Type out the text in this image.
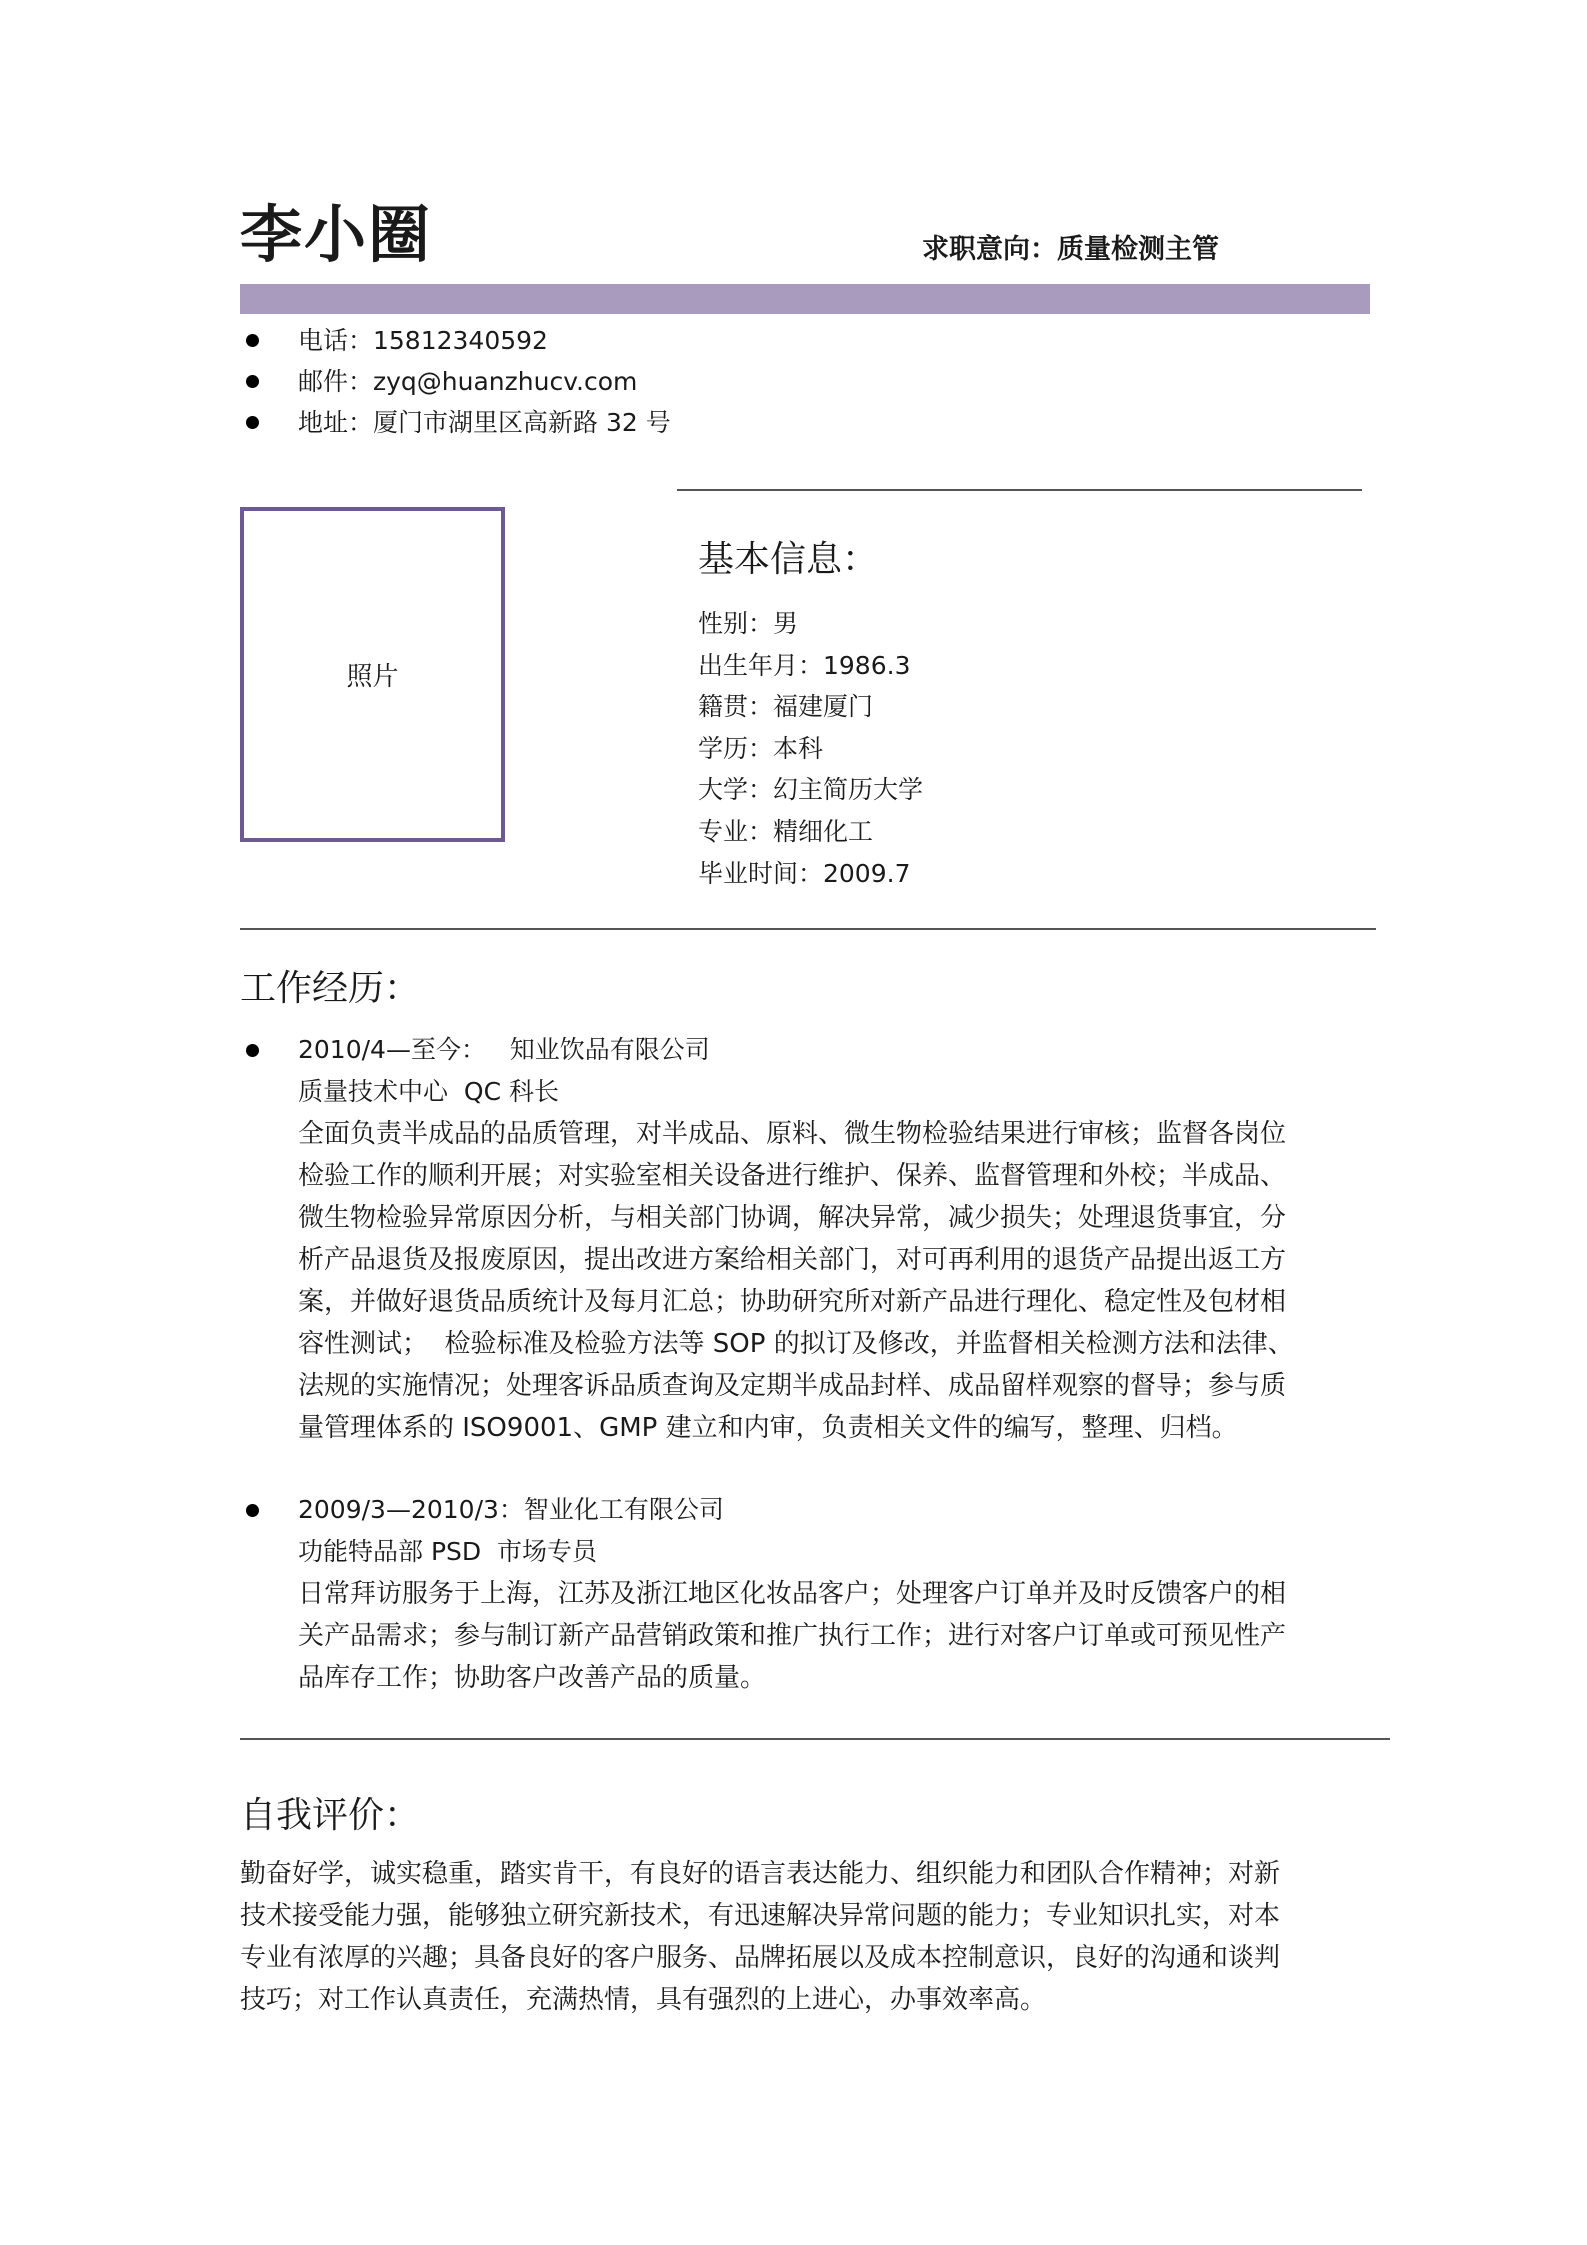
李小圈	求职意向：质量检测主管
电话：15812340592
邮件：zyq@huanzhucv.com
地址：厦门市湖里区高新路 32 号
照片
基本信息：
性别：男
出生年月：1986.3
籍贯：福建厦门
学历：本科
大学：幻主简历大学
专业：精细化工
毕业时间：2009.7
工作经历：
2010/4—至今：   知业饮品有限公司
质量技术中心  QC 科长
全面负责半成品的品质管理，对半成品、原料、微生物检验结果进行审核；监督各岗位
检验工作的顺利开展；对实验室相关设备进行维护、保养、监督管理和外校；半成品、
微生物检验异常原因分析，与相关部门协调，解决异常，减少损失；处理退货事宜，分
析产品退货及报废原因，提出改进方案给相关部门，对可再利用的退货产品提出返工方
案，并做好退货品质统计及每月汇总；协助研究所对新产品进行理化、稳定性及包材相
容性测试；  检验标准及检验方法等 SOP 的拟订及修改，并监督相关检测方法和法律、
法规的实施情况；处理客诉品质查询及定期半成品封样、成品留样观察的督导；参与质
量管理体系的 ISO9001、GMP 建立和内审，负责相关文件的编写，整理、归档。
2009/3—2010/3：智业化工有限公司
功能特品部 PSD  市场专员
日常拜访服务于上海，江苏及浙江地区化妆品客户；处理客户订单并及时反馈客户的相
关产品需求；参与制订新产品营销政策和推广执行工作；进行对客户订单或可预见性产
品库存工作；协助客户改善产品的质量。
自我评价：
勤奋好学，诚实稳重，踏实肯干，有良好的语言表达能力、组织能力和团队合作精神；对新
技术接受能力强，能够独立研究新技术，有迅速解决异常问题的能力；专业知识扎实，对本
专业有浓厚的兴趣；具备良好的客户服务、品牌拓展以及成本控制意识，良好的沟通和谈判
技巧；对工作认真责任，充满热情，具有强烈的上进心，办事效率高。
